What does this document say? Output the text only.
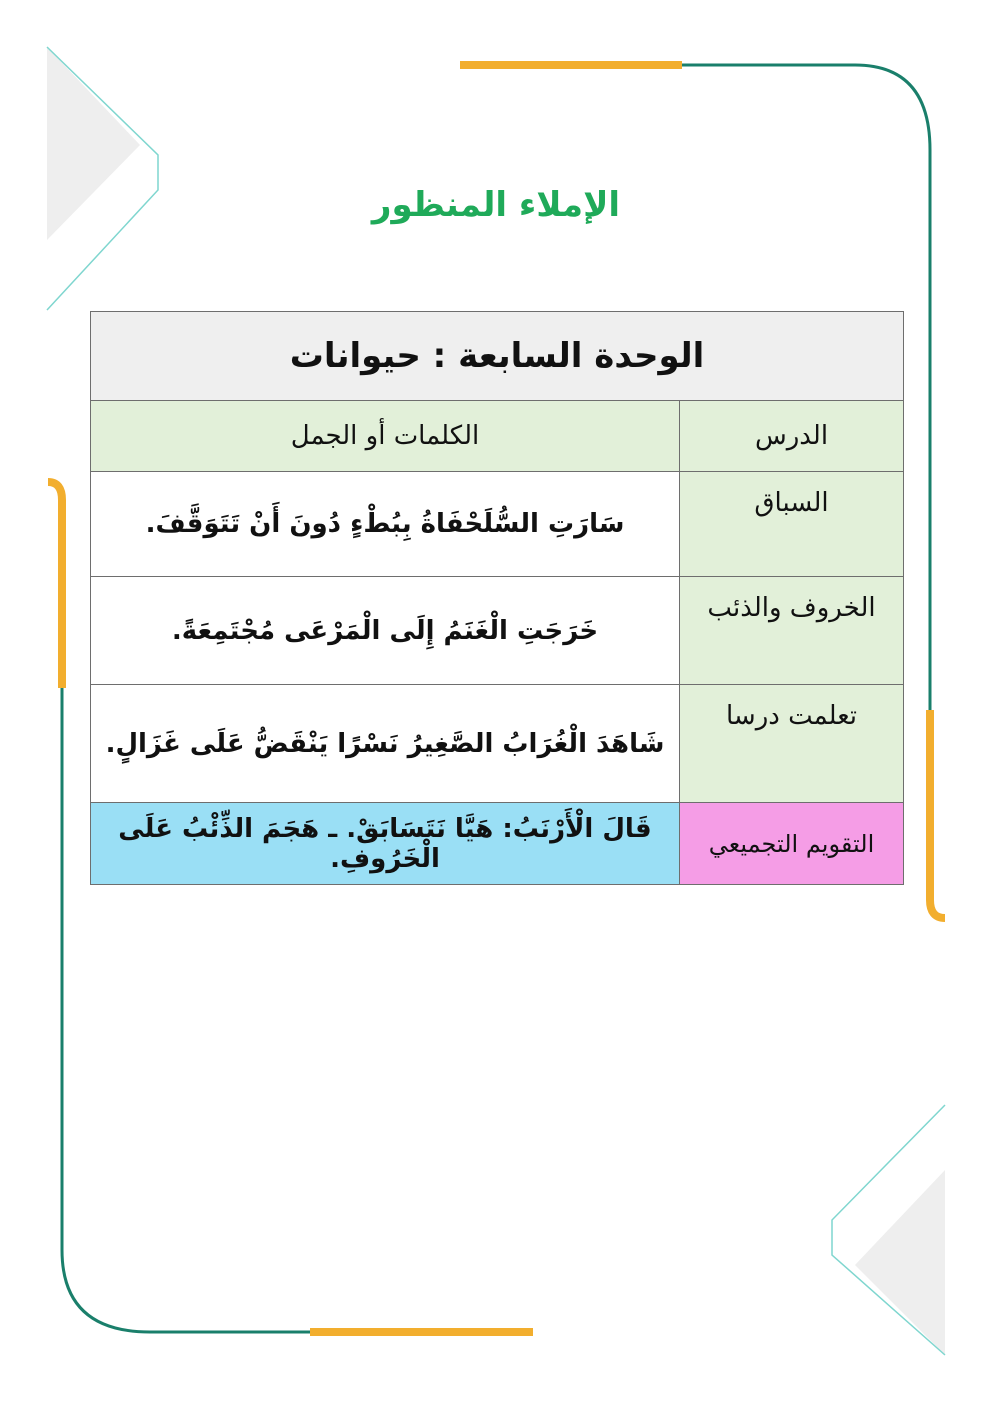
الإملاء المنظور
الوحدة السابعة : حيوانات	
الدرس	الكلمات أو الجمل
السباق	سَارَتِ السُّلَحْفَاةُ بِبُطْءٍ دُونَ أَنْ تَتَوَقَّفَ.
الخروف والذئب	خَرَجَتِ الْغَنَمُ إِلَى الْمَرْعَى مُجْتَمِعَةً.
تعلمت درسا	شَاهَدَ الْغُرَابُ الصَّغِيرُ نَسْرًا يَنْقَضُّ عَلَى غَزَالٍ.
التقويم التجميعي	قَالَ الْأَرْنَبُ: هَيَّا نَتَسَابَقْ. ـ هَجَمَ الذِّئْبُ عَلَى الْخَرُوفِ.
